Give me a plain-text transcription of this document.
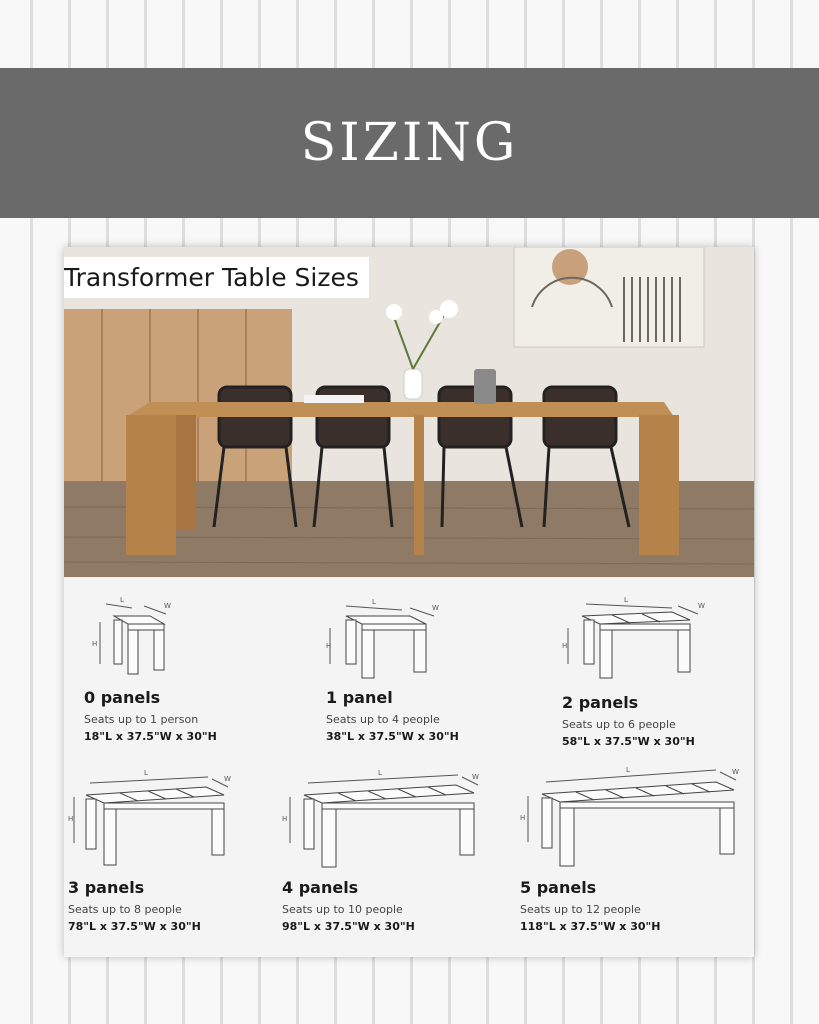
SIZING
Transformer Table Sizes
L
W
H
0 panels
Seats up to 1 person
18"L x 37.5"W x 30"H
L
W
H
1 panel
Seats up to 4 people
38"L x 37.5"W x 30"H
L
W
H
2 panels
Seats up to 6 people
58"L x 37.5"W x 30"H
L
W
H
3 panels
Seats up to 8 people
78"L x 37.5"W x 30"H
L	W
H
4 panels
Seats up to 10 people
98"L x 37.5"W x 30"H
L	W
H
5 panels
Seats up to 12 people
118"L x 37.5"W x 30"H
